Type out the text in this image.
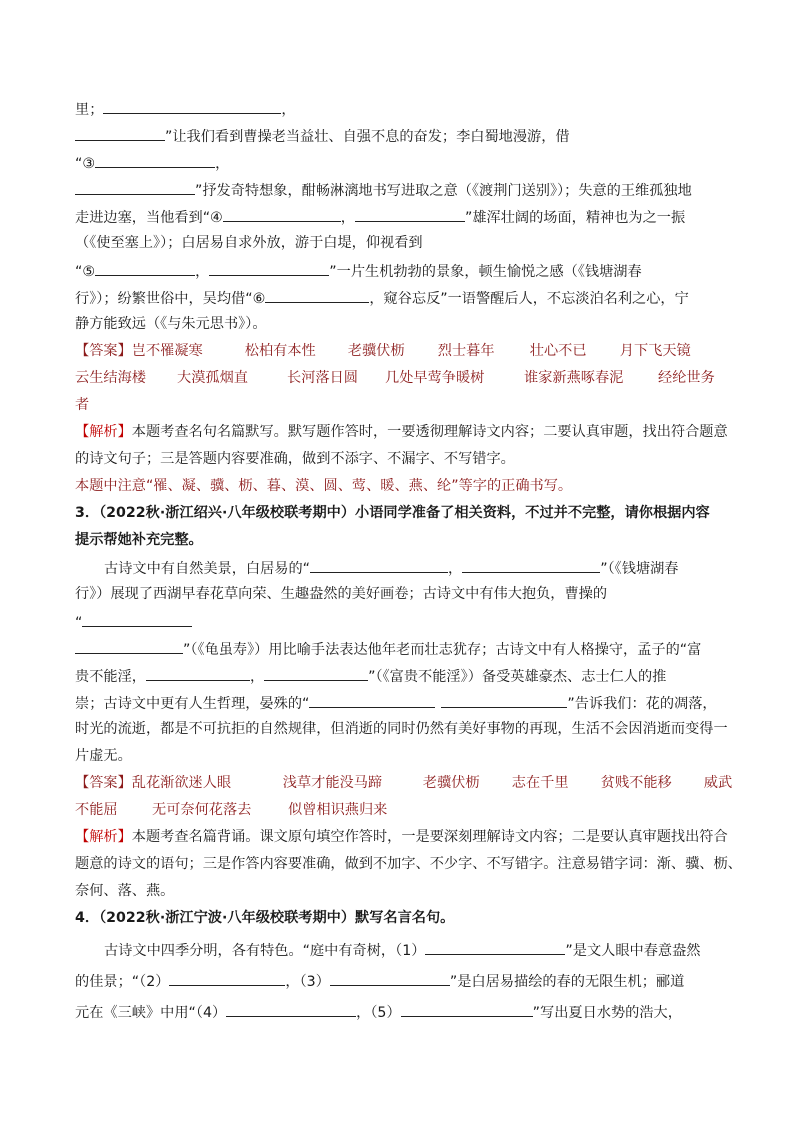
里；	，
”让我们看到曹操老当益壮、自强不息的奋发；李白蜀地漫游，借
“③	，
”抒发奇特想象，酣畅淋漓地书写进取之意（《渡荆门送别》）；失意的王维孤独地
走进边塞，当他看到“④	，	”雄浑壮阔的场面，精神也为之一振
（《使至塞上》）；白居易自求外放，游于白堤，仰视看到
“⑤	，	”一片生机勃勃的景象，顿生愉悦之感（《钱塘湖春
行》）；纷繁世俗中，吴均借“⑥	，窥谷忘反”一语警醒后人，不忘淡泊名利之心，宁
静方能致远（《与朱元思书》）。
【答案】岂不罹凝寒	松柏有本性 老骥伏枥 烈士暮年 壮心不已 月下飞天镜
云生结海楼 大漠孤烟直	长河落日圆 几处早莺争暖树	谁家新燕啄春泥 经纶世务
者
【解析】本题考查名句名篇默写。默写题作答时，一要透彻理解诗文内容；二要认真审题，找出符合题意
的诗文句子；三是答题内容要准确，做到不添字、不漏字、不写错字。
本题中注意“罹、凝、骥、枥、暮、漠、圆、莺、暖、燕、纶”等字的正确书写。
3．（2022秋·浙江绍兴·八年级校联考期中）小语同学准备了相关资料，不过并不完整，请你根据内容
提示帮她补充完整。
古诗文中有自然美景，白居易的“	，	”（《钱塘湖春
行》）展现了西湖早春花草向荣、生趣盎然的美好画卷；古诗文中有伟大抱负，曹操的
“
”（《龟虽寿》）用比喻手法表达他年老而壮志犹存；古诗文中有人格操守，孟子的“富
贵不能淫，	，	”（《富贵不能淫》）备受英雄豪杰、志士仁人的推
崇；古诗文中更有人生哲理，晏殊的“	”告诉我们：花的凋落，
时光的流逝，都是不可抗拒的自然规律，但消逝的同时仍然有美好事物的再现，生活不会因消逝而变得一
片虚无。
【答案】乱花渐欲迷人眼	浅草才能没马蹄	老骥伏枥 志在千里 贫贱不能移 威武
不能屈 无可奈何花落去	似曾相识燕归来
【解析】本题考查名篇背诵。课文原句填空作答时，一是要深刻理解诗文内容；二是要认真审题找出符合
题意的诗文的语句；三是作答内容要准确，做到不加字、不少字、不写错字。注意易错字词：渐、骥、枥、
奈何、落、燕。
4．（2022秋·浙江宁波·八年级校联考期中）默写名言名句。
古诗文中四季分明，各有特色。“庭中有奇树，（1）	”是文人眼中春意盎然
的佳景；“（2）	，（3）	”是白居易描绘的春的无限生机；郦道
元在《三峡》中用“（4）	，（5）	”写出夏日水势的浩大，
